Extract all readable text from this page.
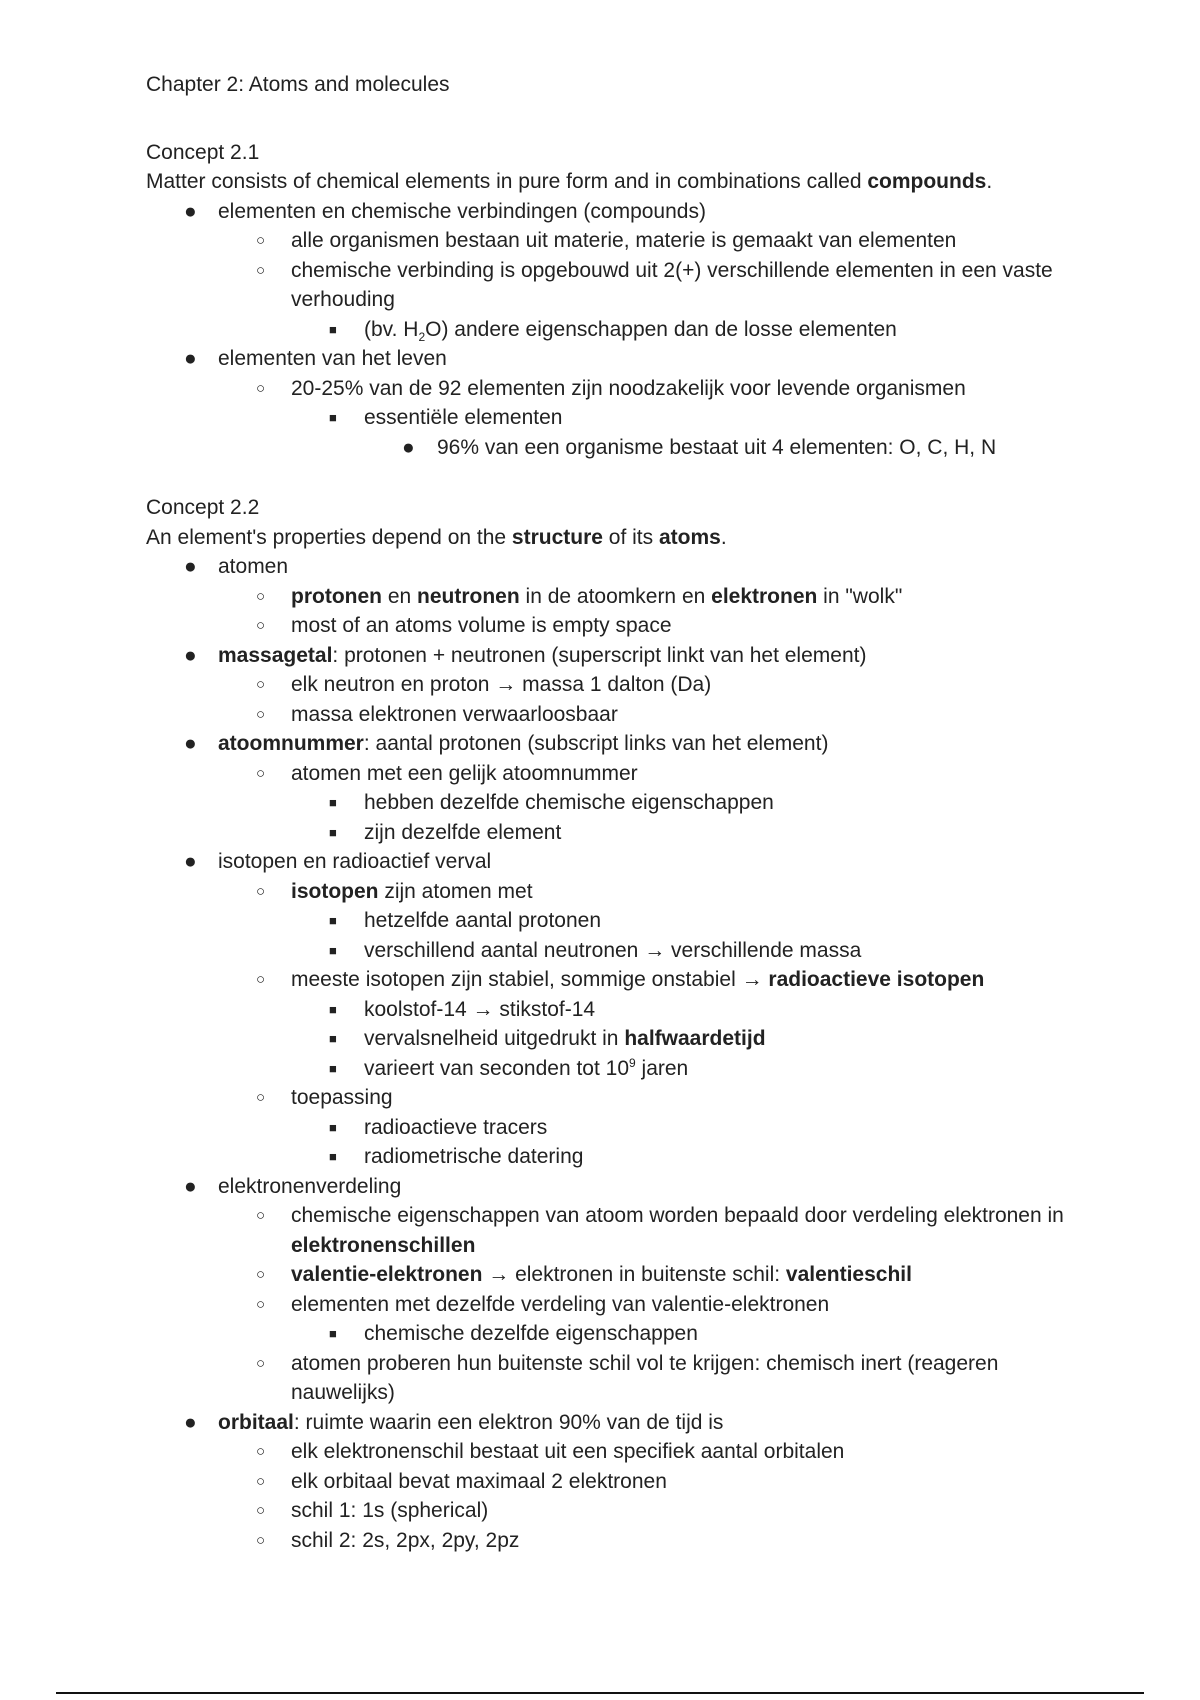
Chapter 2: Atoms and molecules
Concept 2.1
Matter consists of chemical elements in pure form and in combinations called compounds.
● elementen en chemische verbindingen (compounds)
○ alle organismen bestaan uit materie, materie is gemaakt van elementen
○ chemische verbinding is opgebouwd uit 2(+) verschillende elementen in een vaste verhouding
■ (bv. $H_2O$) andere eigenschappen dan de losse elementen
● elementen van het leven
○ 20-25% van de 92 elementen zijn noodzakelijk voor levende organismen
■ essentiële elementen
● 96% van een organisme bestaat uit 4 elementen: O, C, H, N
Concept 2.2
An element's properties depend on the structure of its atoms.
● atomen
○ protonen en neutronen in de atoomkern en elektronen in "wolk"
○ most of an atoms volume is empty space
● massagetal: protonen + neutronen (superscript linkt van het element)
○ elk neutron en proton → massa 1 dalton (Da)
○ massa elektronen verwaarloosbaar
● atoomnummer: aantal protonen (subscript links van het element)
○ atomen met een gelijk atoomnummer
■ hebben dezelfde chemische eigenschappen
■ zijn dezelfde element
● isotopen en radioactief verval
○ isotopen zijn atomen met
■ hetzelfde aantal protonen
■ verschillend aantal neutronen → verschillende massa
○ meeste isotopen zijn stabiel, sommige onstabiel → radioactieve isotopen
■ koolstof-14 → stikstof-14
■ vervalsnelheid uitgedrukt in halfwaardetijd
■ varieert van seconden tot $10^9$ jaren
○ toepassing
■ radioactieve tracers
■ radiometrische datering
● elektronenverdeling
○ chemische eigenschappen van atoom worden bepaald door verdeling elektronen in elektronenschillen
○ valentie-elektronen → elektronen in buitenste schil: valentieschil
○ elementen met dezelfde verdeling van valentie-elektronen
■ chemische dezelfde eigenschappen
○ atomen proberen hun buitenste schil vol te krijgen: chemisch inert (reageren nauwelijks)
● orbitaal: ruimte waarin een elektron 90% van de tijd is
○ elk elektronenschil bestaat uit een specifiek aantal orbitalen
○ elk orbitaal bevat maximaal 2 elektronen
○ schil 1: 1s (spherical)
○ schil 2: 2s, 2px, 2py, 2pz
